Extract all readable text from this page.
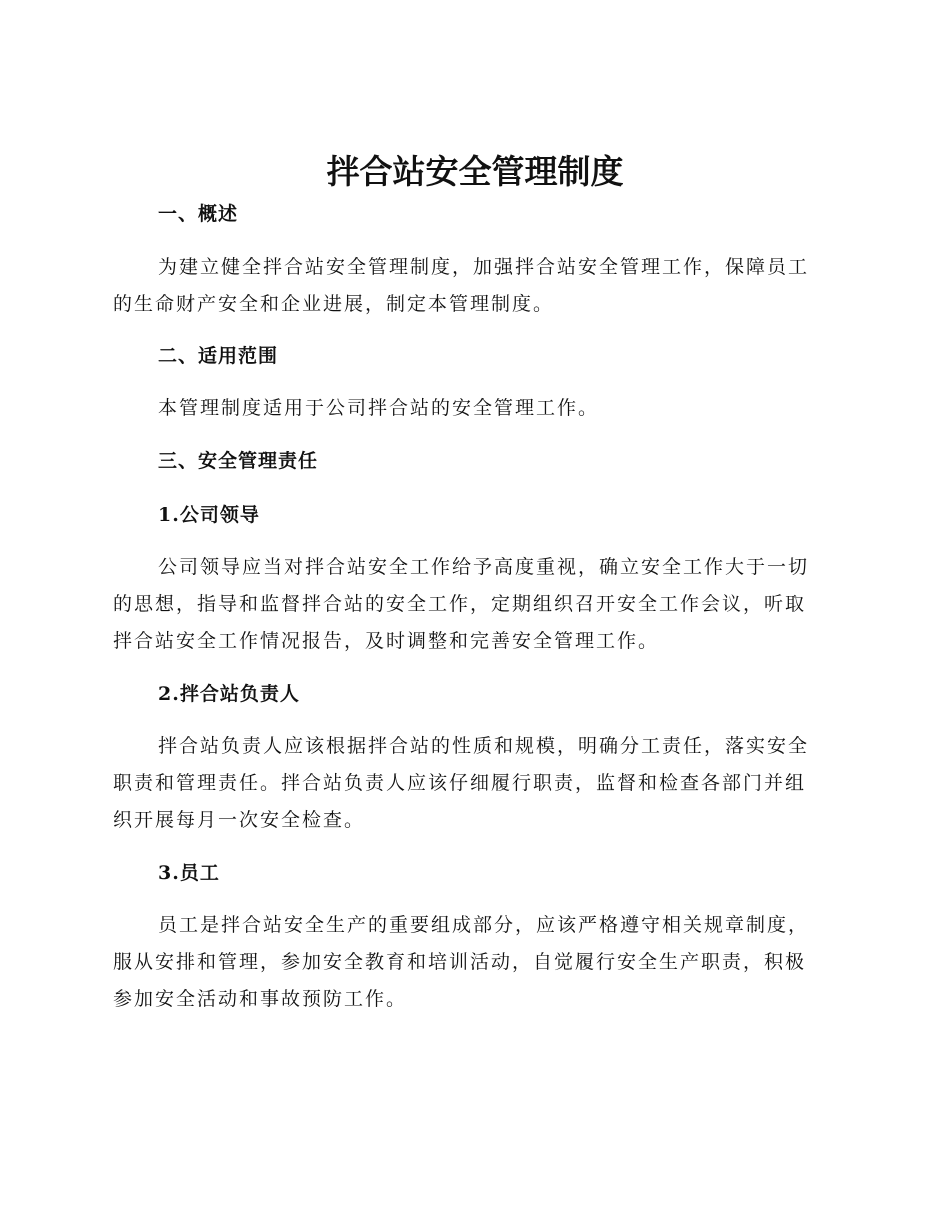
拌合站安全管理制度
一、概述
为建立健全拌合站安全管理制度，加强拌合站安全管理工作，保障员工
的生命财产安全和企业进展，制定本管理制度。
二、适用范围
本管理制度适用于公司拌合站的安全管理工作。
三、安全管理责任
1.公司领导
公司领导应当对拌合站安全工作给予高度重视，确立安全工作大于一切
的思想，指导和监督拌合站的安全工作，定期组织召开安全工作会议，听取
拌合站安全工作情况报告，及时调整和完善安全管理工作。
2.拌合站负责人
拌合站负责人应该根据拌合站的性质和规模，明确分工责任，落实安全
职责和管理责任。拌合站负责人应该仔细履行职责，监督和检查各部门并组
织开展每月一次安全检查。
3.员工
员工是拌合站安全生产的重要组成部分，应该严格遵守相关规章制度，
服从安排和管理，参加安全教育和培训活动，自觉履行安全生产职责，积极
参加安全活动和事故预防工作。
